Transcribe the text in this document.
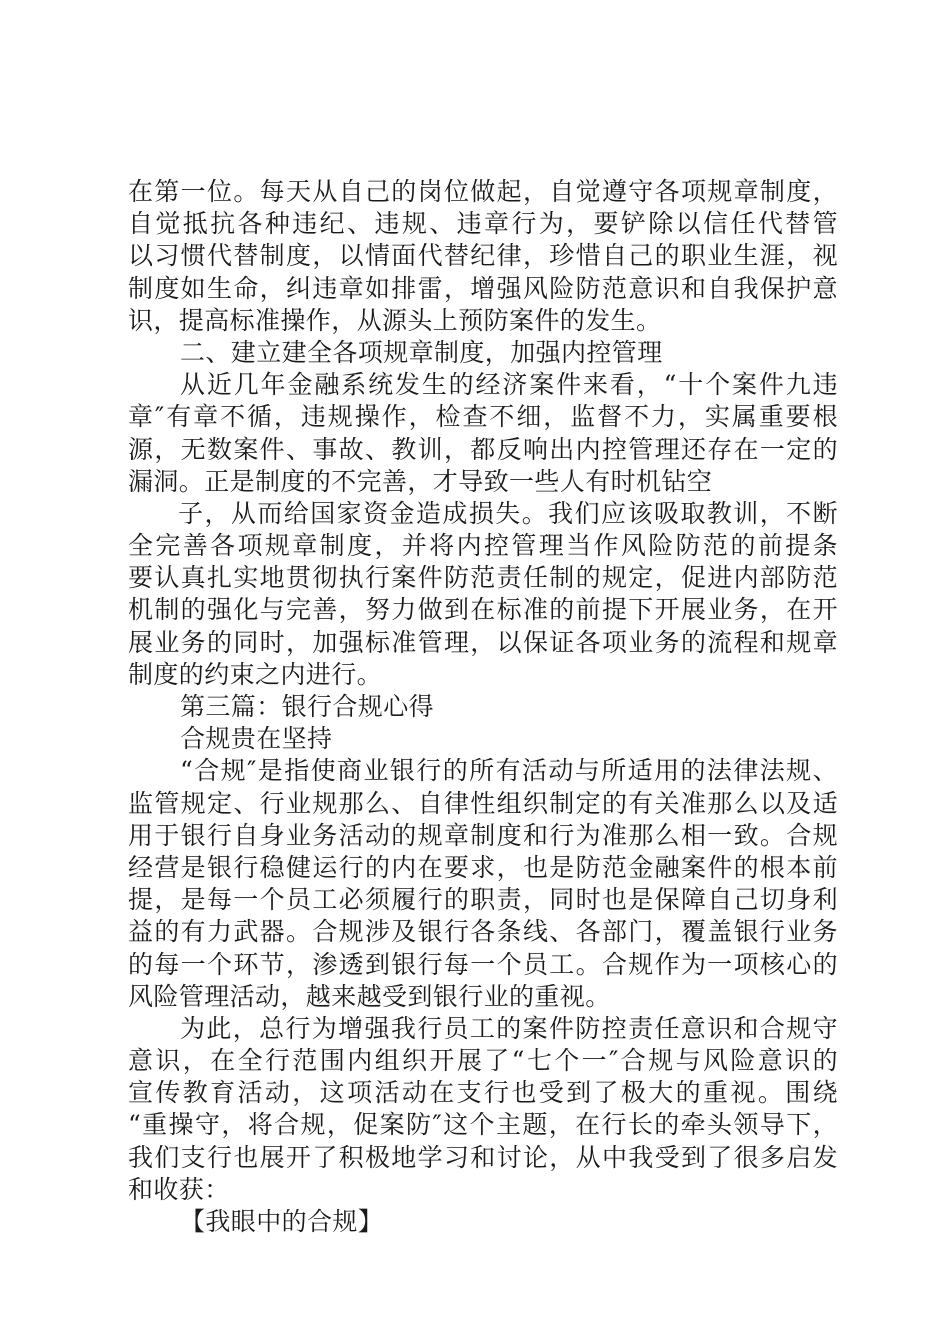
在第一位。每天从自己的岗位做起，自觉遵守各项规章制度，
自觉抵抗各种违纪、违规、违章行为，要铲除以信任代替管
以习惯代替制度，以情面代替纪律，珍惜自己的职业生涯，视
制度如生命，纠违章如排雷，增强风险防范意识和自我保护意
识，提高标准操作，从源头上预防案件的发生。
二、建立建全各项规章制度，加强内控管理
从近几年金融系统发生的经济案件来看，“十个案件九违
章″有章不循，违规操作，检查不细，监督不力，实属重要根
源，无数案件、事故、教训，都反响出内控管理还存在一定的
漏洞。正是制度的不完善，才导致一些人有时机钻空
子，从而给国家资金造成损失。我们应该吸取教训，不断
全完善各项规章制度，并将内控管理当作风险防范的前提条
要认真扎实地贯彻执行案件防范责任制的规定，促进内部防范
机制的强化与完善，努力做到在标准的前提下开展业务，在开
展业务的同时，加强标准管理，以保证各项业务的流程和规章
制度的约束之内进行。
第三篇：银行合规心得
合规贵在坚持
“合规″是指使商业银行的所有活动与所适用的法律法规、
监管规定、行业规那么、自律性组织制定的有关准那么以及适
用于银行自身业务活动的规章制度和行为准那么相一致。合规
经营是银行稳健运行的内在要求，也是防范金融案件的根本前
提，是每一个员工必须履行的职责，同时也是保障自己切身利
益的有力武器。合规涉及银行各条线、各部门，覆盖银行业务
的每一个环节，渗透到银行每一个员工。合规作为一项核心的
风险管理活动，越来越受到银行业的重视。
为此，总行为增强我行员工的案件防控责任意识和合规守
意识，在全行范围内组织开展了“七个一″合规与风险意识的
宣传教育活动，这项活动在支行也受到了极大的重视。围绕
“重操守，将合规，促案防″这个主题，在行长的牵头领导下，
我们支行也展开了积极地学习和讨论，从中我受到了很多启发
和收获：
【我眼中的合规】
